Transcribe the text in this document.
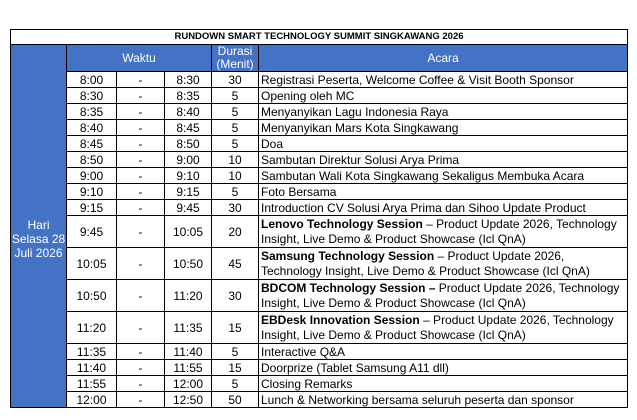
RUNDOWN SMART TECHNOLOGY SUMMIT SINGKAWANG 2026					
	Waktu			Durasi (Menit)	Acara
Hari Selasa 28 Juli 2026	8:00	-	8:30	30	Registrasi Peserta, Welcome Coffee & Visit Booth Sponsor
	8:30	-	8:35	5	Opening oleh MC
	8:35	-	8:40	5	Menyanyikan Lagu Indonesia Raya
	8:40	-	8:45	5	Menyanyikan Mars Kota Singkawang
	8:45	-	8:50	5	Doa
	8:50	-	9:00	10	Sambutan Direktur Solusi Arya Prima
	9:00	-	9:10	10	Sambutan Wali Kota Singkawang Sekaligus Membuka Acara
	9:10	-	9:15	5	Foto Bersama
	9:15	-	9:45	30	Introduction CV Solusi Arya Prima dan Sihoo Update Product
	9:45	-	10:05	20	Lenovo Technology Session – Product Update 2026, Technology Insight, Live Demo & Product Showcase (Icl QnA)
	10:05	-	10:50	45	Samsung Technology Session – Product Update 2026, Technology Insight, Live Demo & Product Showcase (Icl QnA)
	10:50	-	11:20	30	BDCOM Technology Session – Product Update 2026, Technology Insight, Live Demo & Product Showcase (Icl QnA)
	11:20	-	11:35	15	EBDesk Innovation Session – Product Update 2026, Technology Insight, Live Demo & Product Showcase (Icl QnA)
	11:35	-	11:40	5	Interactive Q&A
	11:40	-	11:55	15	Doorprize (Tablet Samsung A11 dll)
	11:55	-	12:00	5	Closing Remarks
	12:00	-	12:50	50	Lunch & Networking bersama seluruh peserta dan sponsor
